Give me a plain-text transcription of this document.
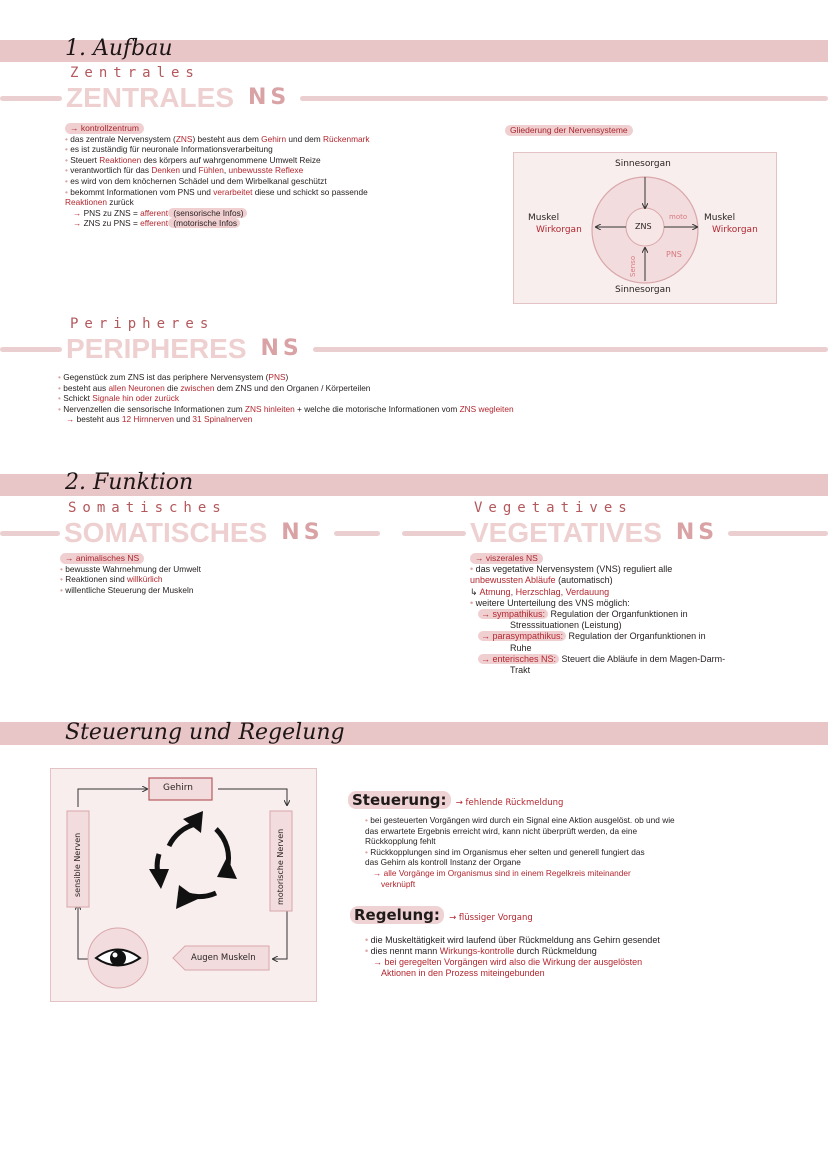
1. Aufbau
Zentrales
ZENTRALES NS
→ kontrollzentrum
• das zentrale Nervensystem (ZNS) besteht aus dem Gehirn und dem Rückenmark
• es ist zuständig für neuronale Informationsverarbeitung
• Steuert Reaktionen des körpers auf wahrgenommene Umwelt Reize
• verantwortlich für das Denken und Fühlen, unbewusste Reflexe
• es wird von dem knöchernen Schädel und dem Wirbelkanal geschützt
• bekommt Informationen vom PNS und verarbeitet diese und schickt so passende
Reaktionen zurück
→ PNS zu ZNS = afferent (sensorische Infos)
→ ZNS zu PNS = efferent (motorische Infos
Gliederung der Nervensysteme
Sinnesorgan
Sinnesorgan
Muskel
Wirkorgan
Muskel
Wirkorgan
ZNS
moto
PNS
Senso
Peripheres
PERIPHERES NS
• Gegenstück zum ZNS ist das periphere Nervensystem (PNS)
• besteht aus allen Neuronen die zwischen dem ZNS und den Organen / Körperteilen
• Schickt Signale hin oder zurück
• Nervenzellen die sensorische Informationen zum ZNS hinleiten + welche die motorische Informationen vom ZNS wegleiten
→ besteht aus 12 Hirnnerven und 31 Spinalnerven
2. Funktion
Somatisches
SOMATISCHES NS
Vegetatives
VEGETATIVES NS
→ animalisches NS
• bewusste Wahrnehmung der Umwelt
• Reaktionen sind willkürlich
• willentliche Steuerung der Muskeln
→ viszerales NS
• das vegetative Nervensystem (VNS) reguliert alle
unbewussten Abläufe (automatisch)
↳ Atmung, Herzschlag, Verdauung
• weitere Unterteilung des VNS möglich:
→ sympathikus: Regulation der Organfunktionen in
Stresssituationen (Leistung)
→ parasympathikus: Regulation der Organfunktionen in
Ruhe
→ enterisches NS: Steuert die Abläufe in dem Magen-Darm-
Trakt
Steuerung und Regelung
Gehirn
sensible Nerven	motorische Nerven
Augen Muskeln
Steuerung: → fehlende Rückmeldung
• bei gesteuerten Vorgängen wird durch ein Signal eine Aktion ausgelöst. ob und wie
das erwartete Ergebnis erreicht wird, kann nicht überprüft werden, da eine
Rückkopplung fehlt
• Rückkopplungen sind im Organismus eher selten und generell fungiert das
das Gehirn als kontroll Instanz der Organe
→ alle Vorgänge im Organismus sind in einem Regelkreis miteinander
verknüpft
Regelung: → flüssiger Vorgang
• die Muskeltätigkeit wird laufend über Rückmeldung ans Gehirn gesendet
• dies nennt mann Wirkungs-kontrolle durch Rückmeldung
→ bei geregelten Vorgängen wird also die Wirkung der ausgelösten
Aktionen in den Prozess miteingebunden
